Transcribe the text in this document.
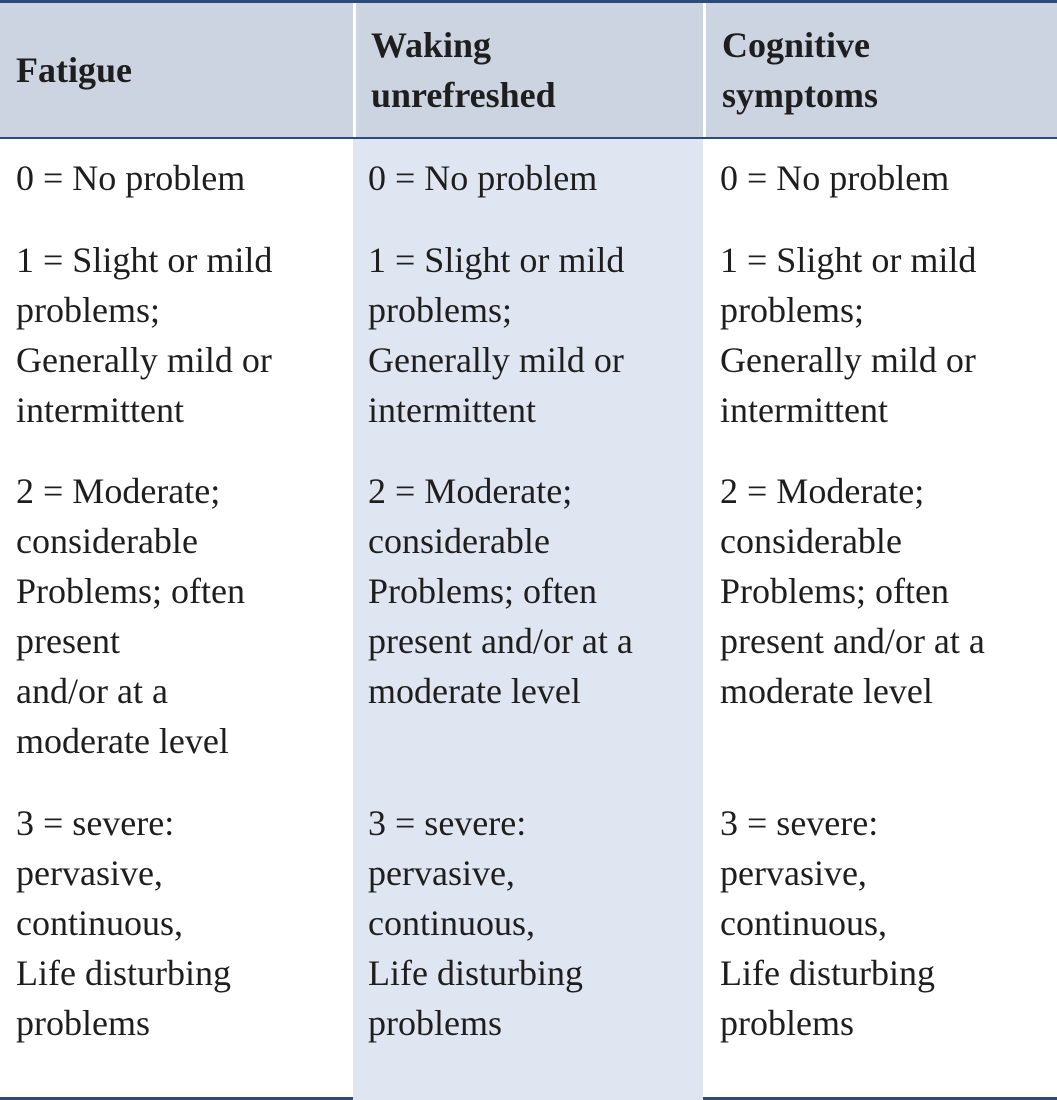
Fatigue
Waking
unrefreshed
Cognitive
symptoms
0 = No problem
1 = Slight or mild
problems;
Generally mild or
intermittent
2 = Moderate;
considerable
Problems; often
present
and/or at a
moderate level
3 = severe:
pervasive,
continuous,
Life disturbing
problems
0 = No problem
1 = Slight or mild
problems;
Generally mild or
intermittent
2 = Moderate;
considerable
Problems; often
present and/or at a
moderate level
3 = severe:
pervasive,
continuous,
Life disturbing
problems
0 = No problem
1 = Slight or mild
problems;
Generally mild or
intermittent
2 = Moderate;
considerable
Problems; often
present and/or at a
moderate level
3 = severe:
pervasive,
continuous,
Life disturbing
problems
